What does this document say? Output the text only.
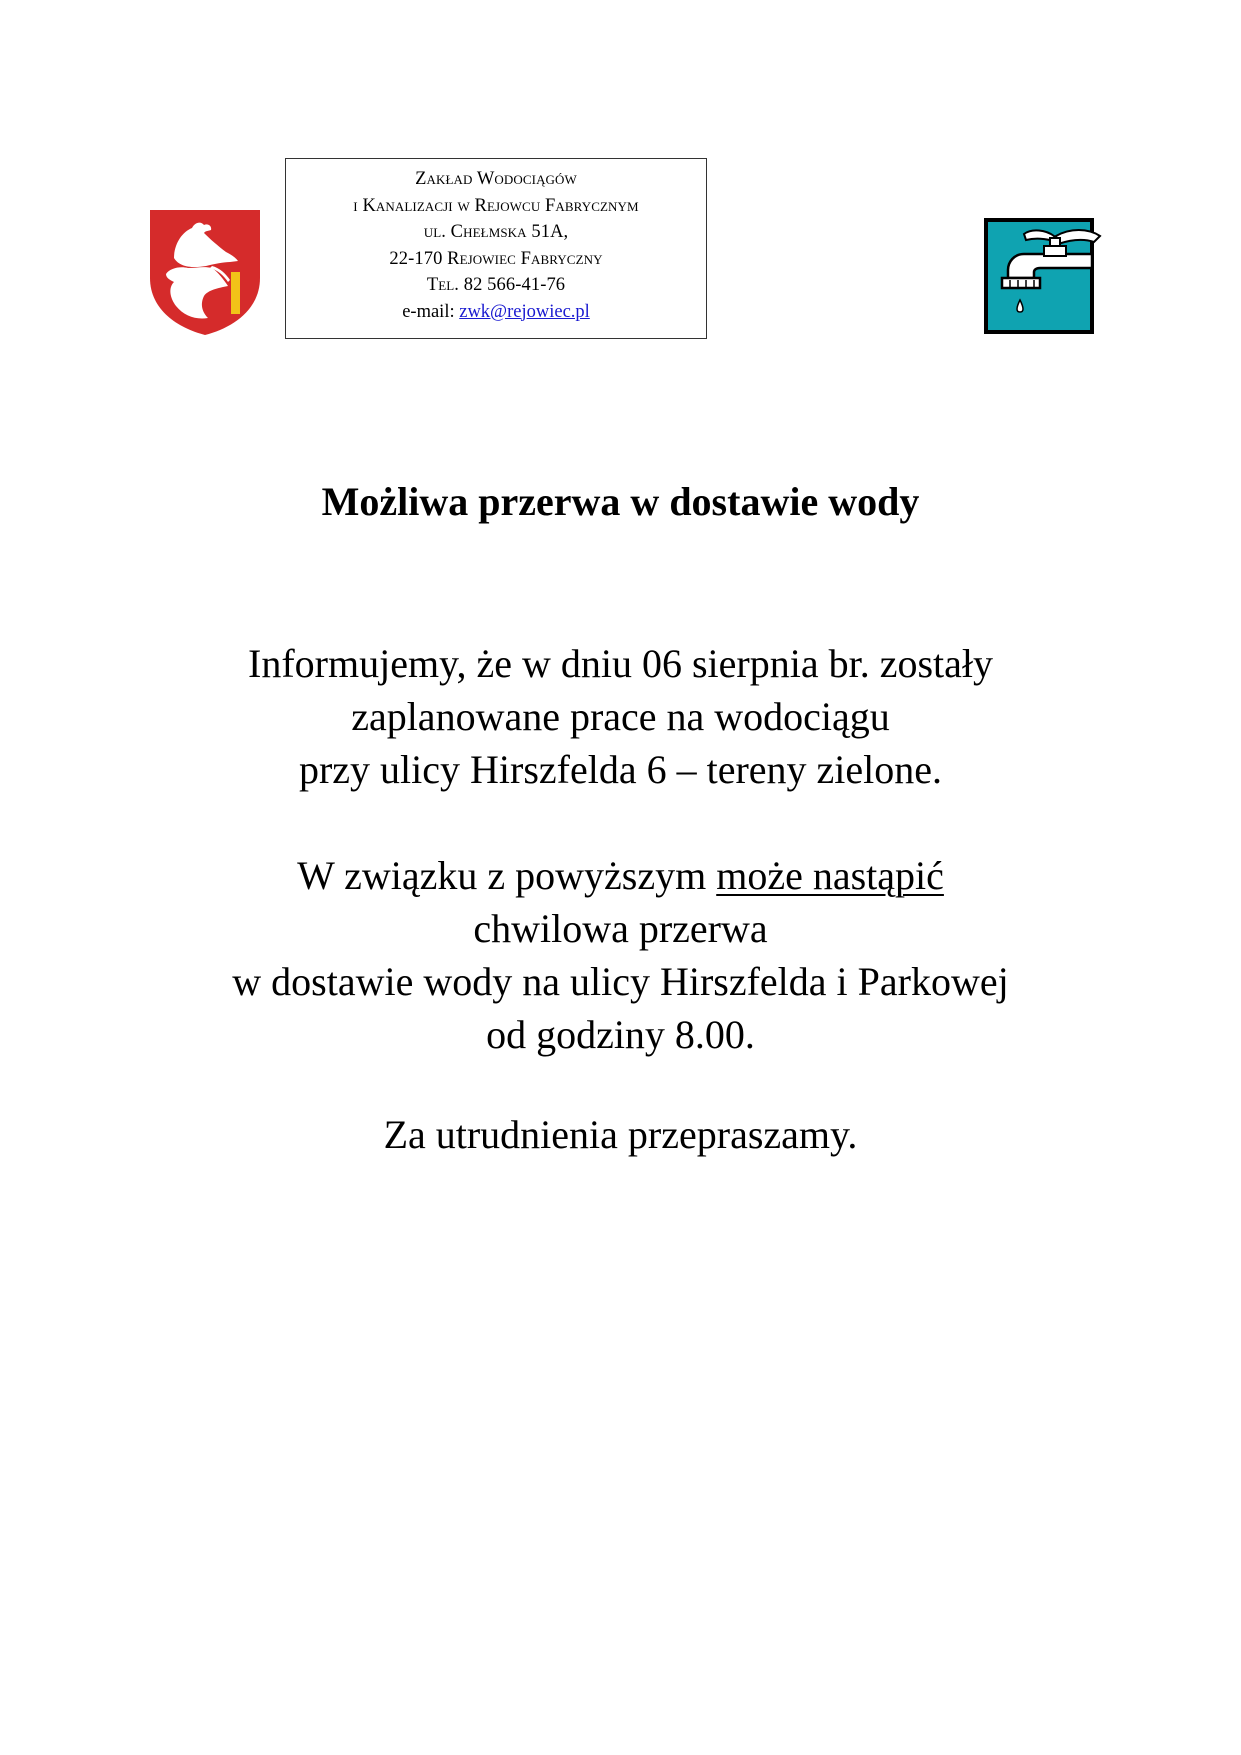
Zakład Wodociągów
i Kanalizacji w Rejowcu Fabrycznym
ul. Chełmska 51A,
22-170 Rejowiec Fabryczny
Tel. 82 566-41-76
e-mail: zwk@rejowiec.pl
Możliwa przerwa w dostawie wody
Informujemy, że w dniu 06 sierpnia br. zostały
zaplanowane prace na wodociągu
przy ulicy Hirszfelda 6 – tereny zielone.
W związku z powyższym może nastąpić
chwilowa przerwa
w dostawie wody na ulicy Hirszfelda i Parkowej
od godziny 8.00.
Za utrudnienia przepraszamy.
